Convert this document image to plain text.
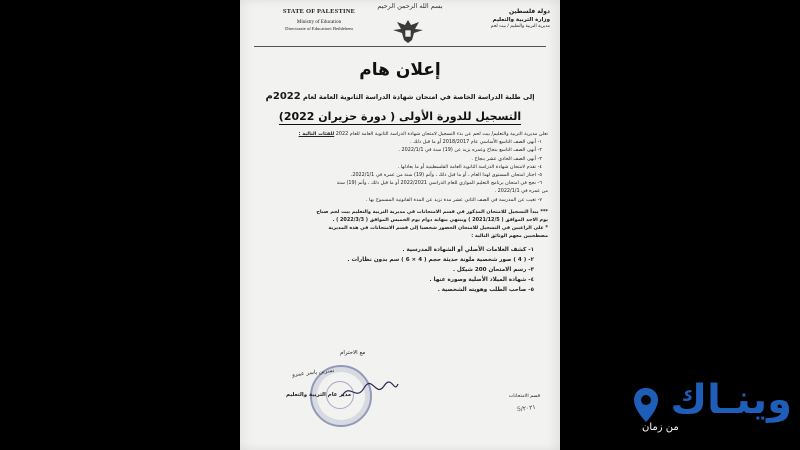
بسم الله الرحمن الرحيم
STATE OF PALESTINE
Ministry of Education
Directorate of Education\ Bethlehem
دولة فلسطين
وزارة التربية والتعليم
مديرية التربية والتعليم / بيت لحم
إعلان هام
إلى طلبة الدراسة الخاصة في امتحان شهادة الدراسة الثانوية العامة لعام 2022م
التسجيل للدورة الأولى ( دورة حزيران 2022)

تعلن مديرية التربية والتعليم/ بيت لحم عن بدء التسجيل لامتحان شهادة الدراسة الثانوية العامة للعام 2022 للفئات التالية :

١- أنهى الصف التاسع الأساسي عام 2018/2017 أو ما قبل ذلك .

٢- أنهى الصف التاسع بنجاح وعمره يزيد عن (19) سنة في 2022/1/1 .

٣- أنهى الصف الحادي عشر بنجاح .

٤- تقدم لامتحان شهادة الدراسة الثانوية العامة الفلسطينية أو ما يعادلها .

٥- اجتاز امتحان المستوى لهذا العام ، أو ما قبل ذلك ، وأتم (19) سنة من عمره في 2022/1/1.

٦- نجح في امتحان برنامج التعليم الموازي للعام الدراسي 2022/2021 أو ما قبل ذلك ، وأتم (19) سنة

من عمره في 2022/1/1 .

٧- تغيب عن المدرسة في الصف الثاني عشر مدة تزيد عن المدة القانونية المسموح بها .

*** يبدأ التسجيل للامتحان المذكور في قسم الامتحانات في مديرية التربية والتعليم بيت لحم صباح

يوم الاحد الموافق ( 2021/12/5 ) وينتهي بنهاية دوام يوم الخميس الموافق ( 2022/3/3 ) .

* على الراغبين في التسجيل للامتحان الحضور شخصيا إلى قسم الامتحانات في هذه المديرية

مصطحبين معهم الوثائق التالية :

١- كشف العلامات الأصلي أو الشهادة المدرسية .

٢- ( 4 ) صور شخصية ملونة حديثة حجم ( 4 × 6 ) سم بدون نظارات .

٣- رسم الامتحان 200 شيكل .

٤- شهادة الميلاد الأصلية وصورة عنها .

٥- صاحب الطلب وهويته الشخصية .

مع الاحترام
نسرين ياسر عمرو
مدير عام التربية والتعليم	قسم الامتحانات
5/٢٠٢١	وينـاك
من زمان
